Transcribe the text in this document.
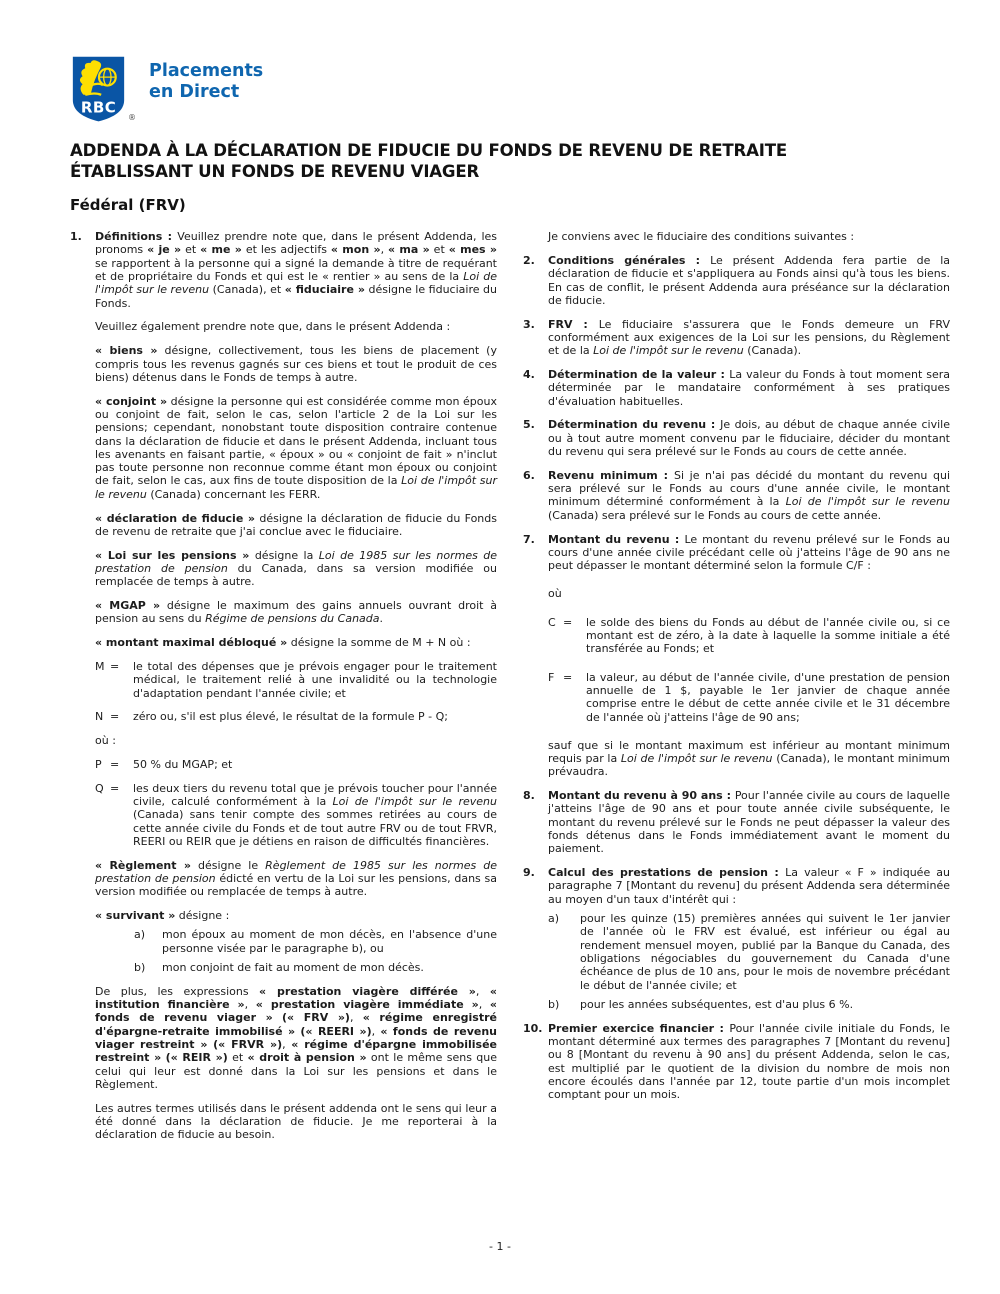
RBC
®
Placements
en Direct
ADDENDA À LA DÉCLARATION DE FIDUCIE DU FONDS DE REVENU DE RETRAITE
ÉTABLISSANT UN FONDS DE REVENU VIAGER
Fédéral (FRV)
1.	Définitions : Veuillez prendre note que, dans le présent Addenda, les pronoms « je » et « me » et les adjectifs « mon », « ma » et « mes » se rapportent à la personne qui a signé la demande à titre de requérant et de propriétaire du Fonds et qui est le « rentier » au sens de la Loi de l'impôt sur le revenu (Canada), et « fiduciaire » désigne le fiduciaire du Fonds.
Veuillez également prendre note que, dans le présent Addenda :
« biens » désigne, collectivement, tous les biens de placement (y compris tous les revenus gagnés sur ces biens et tout le produit de ces biens) détenus dans le Fonds de temps à autre.
« conjoint » désigne la personne qui est considérée comme mon époux ou conjoint de fait, selon le cas, selon l'article 2 de la Loi sur les pensions; cependant, nonobstant toute disposition contraire contenue dans la déclaration de fiducie et dans le présent Addenda, incluant tous les avenants en faisant partie, « époux » ou « conjoint de fait » n'inclut pas toute personne non reconnue comme étant mon époux ou conjoint de fait, selon le cas, aux fins de toute disposition de la Loi de l'impôt sur le revenu (Canada) concernant les FERR.
« déclaration de fiducie » désigne la déclaration de fiducie du Fonds de revenu de retraite que j'ai conclue avec le fiduciaire.
« Loi sur les pensions » désigne la Loi de 1985 sur les normes de prestation de pension du Canada, dans sa version modifiée ou remplacée de temps à autre.
« MGAP » désigne le maximum des gains annuels ouvrant droit à pension au sens du Régime de pensions du Canada.
« montant maximal débloqué » désigne la somme de M + N où :
M =	le total des dépenses que je prévois engager pour le traitement médical, le traitement relié à une invalidité ou la technologie d'adaptation pendant l'année civile; et
N =	zéro ou, s'il est plus élevé, le résultat de la formule P - Q;
où :
P =	50 % du MGAP; et
Q =	les deux tiers du revenu total que je prévois toucher pour l'année civile, calculé conformément à la Loi de l'impôt sur le revenu (Canada) sans tenir compte des sommes retirées au cours de cette année civile du Fonds et de tout autre FRV ou de tout FRVR, REERI ou REIR que je détiens en raison de difficultés financières.
« Règlement » désigne le Règlement de 1985 sur les normes de prestation de pension édicté en vertu de la Loi sur les pensions, dans sa version modifiée ou remplacée de temps à autre.
« survivant » désigne :
a)	mon époux au moment de mon décès, en l'absence d'une personne visée par le paragraphe b), ou
b)	mon conjoint de fait au moment de mon décès.
De plus, les expressions « prestation viagère différée », « institution financière », « prestation viagère immédiate », « fonds de revenu viager » (« FRV »), « régime enregistré d'épargne-retraite immobilisé » (« REERI »), « fonds de revenu viager restreint » (« FRVR »), « régime d'épargne immobilisée restreint » (« REIR ») et « droit à pension » ont le même sens que celui qui leur est donné dans la Loi sur les pensions et dans le Règlement.
Les autres termes utilisés dans le présent addenda ont le sens qui leur a été donné dans la déclaration de fiducie. Je me reporterai à la déclaration de fiducie au besoin.
Je conviens avec le fiduciaire des conditions suivantes :
2.	Conditions générales : Le présent Addenda fera partie de la déclaration de fiducie et s'appliquera au Fonds ainsi qu'à tous les biens. En cas de conflit, le présent Addenda aura préséance sur la déclaration de fiducie.
3.	FRV : Le fiduciaire s'assurera que le Fonds demeure un FRV conformément aux exigences de la Loi sur les pensions, du Règlement et de la Loi de l'impôt sur le revenu (Canada).
4.	Détermination de la valeur : La valeur du Fonds à tout moment sera déterminée par le mandataire conformément à ses pratiques d'évaluation habituelles.
5.	Détermination du revenu : Je dois, au début de chaque année civile ou à tout autre moment convenu par le fiduciaire, décider du montant du revenu qui sera prélevé sur le Fonds au cours de cette année.
6.	Revenu minimum : Si je n'ai pas décidé du montant du revenu qui sera prélevé sur le Fonds au cours d'une année civile, le montant minimum déterminé conformément à la Loi de l'impôt sur le revenu (Canada) sera prélevé sur le Fonds au cours de cette année.
7.	Montant du revenu : Le montant du revenu prélevé sur le Fonds au cours d'une année civile précédant celle où j'atteins l'âge de 90 ans ne peut dépasser le montant déterminé selon la formule C/F :
où
C =	le solde des biens du Fonds au début de l'année civile ou, si ce montant est de zéro, à la date à laquelle la somme initiale a été transférée au Fonds; et
F =	la valeur, au début de l'année civile, d'une prestation de pension annuelle de 1 $, payable le 1er janvier de chaque année comprise entre le début de cette année civile et le 31 décembre de l'année où j'atteins l'âge de 90 ans;
sauf que si le montant maximum est inférieur au montant minimum requis par la Loi de l'impôt sur le revenu (Canada), le montant minimum prévaudra.
8.	Montant du revenu à 90 ans : Pour l'année civile au cours de laquelle j'atteins l'âge de 90 ans et pour toute année civile subséquente, le montant du revenu prélevé sur le Fonds ne peut dépasser la valeur des fonds détenus dans le Fonds immédiatement avant le moment du paiement.
9.	Calcul des prestations de pension : La valeur « F » indiquée au paragraphe 7 [Montant du revenu] du présent Addenda sera déterminée au moyen d'un taux d'intérêt qui :
a)	pour les quinze (15) premières années qui suivent le 1er janvier de l'année où le FRV est évalué, est inférieur ou égal au rendement mensuel moyen, publié par la Banque du Canada, des obligations négociables du gouvernement du Canada d'une échéance de plus de 10 ans, pour le mois de novembre précédant le début de l'année civile; et
b)	pour les années subséquentes, est d'au plus 6 %.
10. Premier exercice financier : Pour l'année civile initiale du Fonds, le montant déterminé aux termes des paragraphes 7 [Montant du revenu] ou 8 [Montant du revenu à 90 ans] du présent Addenda, selon le cas, est multiplié par le quotient de la division du nombre de mois non encore écoulés dans l'année par 12, toute partie d'un mois incomplet comptant pour un mois.
- 1 -
